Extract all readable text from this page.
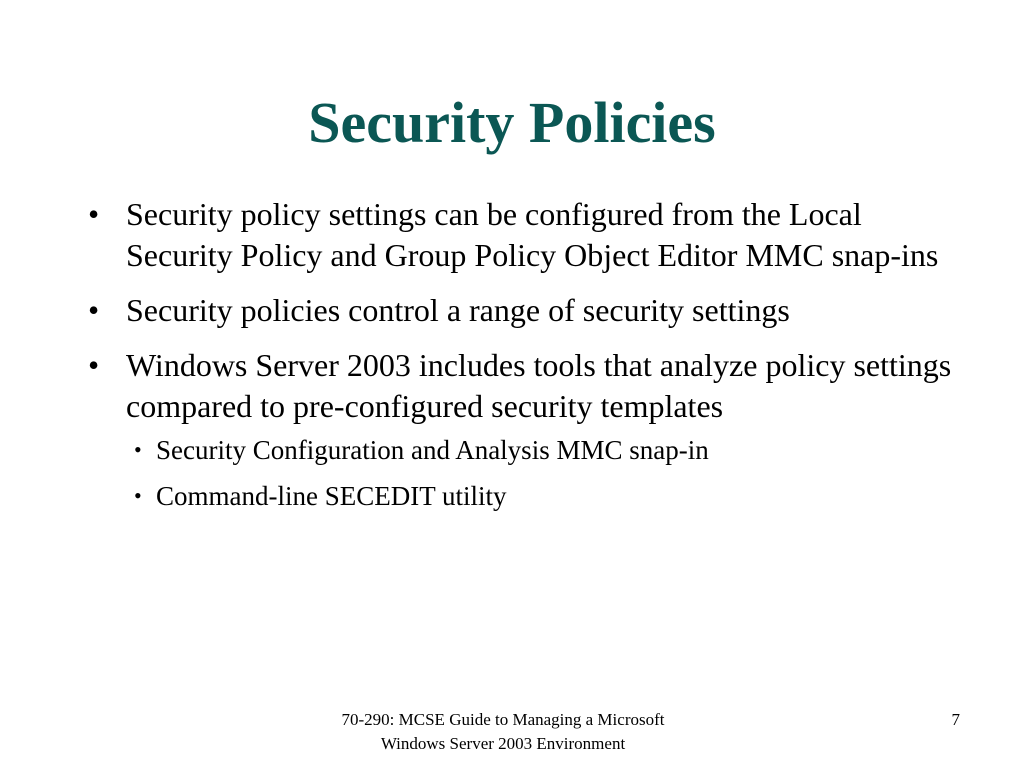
Security Policies
• Security policy settings can be configured from the Local Security Policy and Group Policy Object Editor MMC snap-ins
• Security policies control a range of security settings
• Windows Server 2003 includes tools that analyze policy settings compared to pre-configured security templates
• Security Configuration and Analysis MMC snap-in
• Command-line SECEDIT utility
70-290: MCSE Guide to Managing a Microsoft
Windows Server 2003 Environment
7
